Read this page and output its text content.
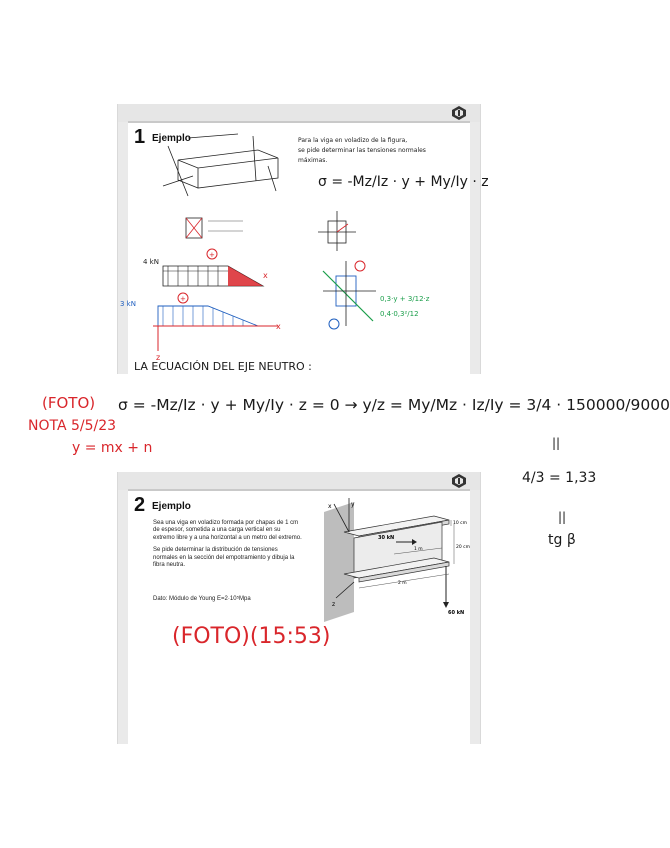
1 Ejemplo	Para la viga en voladizo de la figura,
se pide determinar las tensiones normales
máximas.
σ = -Mz/Iz · y + My/Iy · z
+
4 kN
x
+
3 kN
x
z
0,3·y + 3/12·z
0,4·0,3²/12
LA ECUACIÓN DEL EJE NEUTRO :
(FOTO)
NOTA 5/5/23
y = mx + n
σ = -Mz/Iz · y + My/Iy · z = 0 → y/z = My/Mz · Iz/Iy = 3/4 · 150000/9000
||
4/3 = 1,33
||
tg β
2 Ejemplo

Sea una viga en voladizo formada por chapas de 1 cm de espesor, sometida a una carga vertical en su extremo libre y a una horizontal a un metro del extremo.

Se pide determinar la distribución de tensiones normales en la sección del empotramiento y dibuja la fibra neutra.

Dato: Módulo de Young E=2·10⁵Mpa
x	y
z
30 kN
60 kN
1 m
2 m
10 cm
20 cm
(FOTO)(15:53)
